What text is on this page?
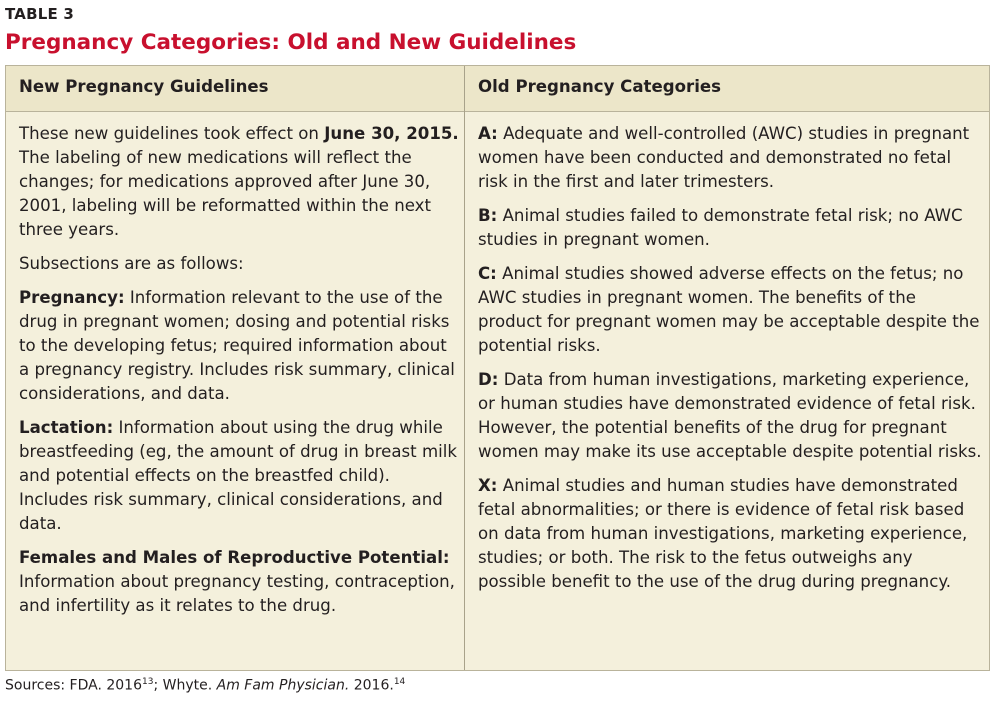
TABLE 3
Pregnancy Categories: Old and New Guidelines
New Pregnancy Guidelines	Old Pregnancy Categories

These new guidelines took effect on June 30, 2015. The labeling of new medications will reflect the changes; for medications approved after June 30, 2001, labeling will be reformatted within the next three years.

Subsections are as follows:

Pregnancy: Information relevant to the use of the drug in pregnant women; dosing and potential risks to the developing fetus; required information about a pregnancy registry. Includes risk summary, clinical considerations, and data.

Lactation: Information about using the drug while breastfeeding (eg, the amount of drug in breast milk and potential effects on the breastfed child). Includes risk summary, clinical considerations, and data.

Females and Males of Reproductive Potential: Information about pregnancy testing, contraception, and infertility as it relates to the drug.

A: Adequate and well-controlled (AWC) studies in pregnant women have been conducted and demonstrated no fetal risk in the first and later trimesters.

B: Animal studies failed to demonstrate fetal risk; no AWC studies in pregnant women.

C: Animal studies showed adverse effects on the fetus; no AWC studies in pregnant women. The benefits of the product for pregnant women may be acceptable despite the potential risks.

D: Data from human investigations, marketing experience, or human studies have demonstrated evidence of fetal risk. However, the potential benefits of the drug for pregnant women may make its use acceptable despite potential risks.

X: Animal studies and human studies have demonstrated fetal abnormalities; or there is evidence of fetal risk based on data from human investigations, marketing experience, studies; or both. The risk to the fetus outweighs any possible benefit to the use of the drug during pregnancy.

Sources: FDA. 2016$^{13}$; Whyte. Am Fam Physician. 2016.14
